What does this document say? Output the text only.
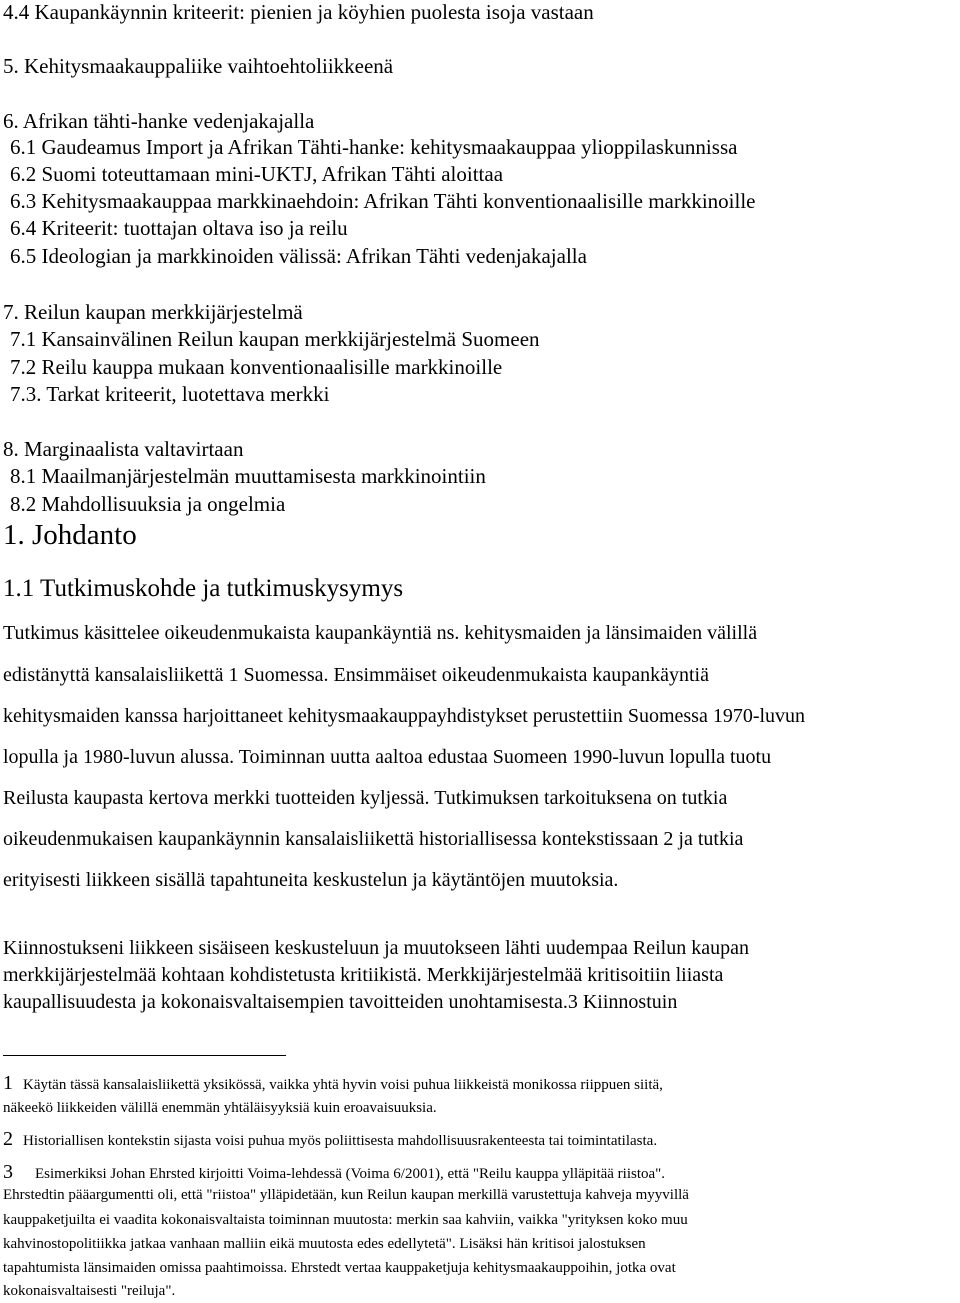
4.4 Kaupankäynnin kriteerit: pienien ja köyhien puolesta isoja vastaan
5. Kehitysmaakauppaliike vaihtoehtoliikkeenä
6. Afrikan tähti-hanke vedenjakajalla
6.1 Gaudeamus Import ja Afrikan Tähti-hanke: kehitysmaakauppaa ylioppilaskunnissa
6.2 Suomi toteuttamaan mini-UKTJ, Afrikan Tähti aloittaa
6.3 Kehitysmaakauppaa markkinaehdoin: Afrikan Tähti konventionaalisille markkinoille
6.4 Kriteerit: tuottajan oltava iso ja reilu
6.5 Ideologian ja markkinoiden välissä: Afrikan Tähti vedenjakajalla
7. Reilun kaupan merkkijärjestelmä
7.1 Kansainvälinen Reilun kaupan merkkijärjestelmä Suomeen
7.2 Reilu kauppa mukaan konventionaalisille markkinoille
7.3. Tarkat kriteerit, luotettava merkki
8. Marginaalista valtavirtaan
8.1 Maailmanjärjestelmän muuttamisesta markkinointiin
8.2 Mahdollisuuksia ja ongelmia
1. Johdanto
1.1 Tutkimuskohde ja tutkimuskysymys
Tutkimus käsittelee oikeudenmukaista kaupankäyntiä ns. kehitysmaiden ja länsimaiden välillä
edistänyttä kansalaisliikettä 1 Suomessa. Ensimmäiset oikeudenmukaista kaupankäyntiä
kehitysmaiden kanssa harjoittaneet kehitysmaakauppayhdistykset perustettiin Suomessa 1970-luvun
lopulla ja 1980-luvun alussa. Toiminnan uutta aaltoa edustaa Suomeen 1990-luvun lopulla tuotu
Reilusta kaupasta kertova merkki tuotteiden kyljessä. Tutkimuksen tarkoituksena on tutkia
oikeudenmukaisen kaupankäynnin kansalaisliikettä historiallisessa kontekstissaan 2 ja tutkia
erityisesti liikkeen sisällä tapahtuneita keskustelun ja käytäntöjen muutoksia.
Kiinnostukseni liikkeen sisäiseen keskusteluun ja muutokseen lähti uudempaa Reilun kaupan
merkkijärjestelmää kohtaan kohdistetusta kritiikistä. Merkkijärjestelmää kritisoitiin liiasta
kaupallisuudesta ja kokonaisvaltaisempien tavoitteiden unohtamisesta.3 Kiinnostuin
1 Käytän tässä kansalaisliikettä yksikössä, vaikka yhtä hyvin voisi puhua liikkeistä monikossa riippuen siitä,
näkeekö liikkeiden välillä enemmän yhtäläisyyksiä kuin eroavaisuuksia.
2 Historiallisen kontekstin sijasta voisi puhua myös poliittisesta mahdollisuusrakenteesta tai toimintatilasta.
3 Esimerkiksi Johan Ehrsted kirjoitti Voima-lehdessä (Voima 6/2001), että "Reilu kauppa ylläpitää riistoa".
Ehrstedtin pääargumentti oli, että "riistoa" ylläpidetään, kun Reilun kaupan merkillä varustettuja kahveja myyvillä
kauppaketjuilta ei vaadita kokonaisvaltaista toiminnan muutosta: merkin saa kahviin, vaikka "yrityksen koko muu
kahvinostopolitiikka jatkaa vanhaan malliin eikä muutosta edes edellytetä". Lisäksi hän kritisoi jalostuksen
tapahtumista länsimaiden omissa paahtimoissa. Ehrstedt vertaa kauppaketjuja kehitysmaakauppoihin, jotka ovat
kokonaisvaltaisesti "reiluja".
